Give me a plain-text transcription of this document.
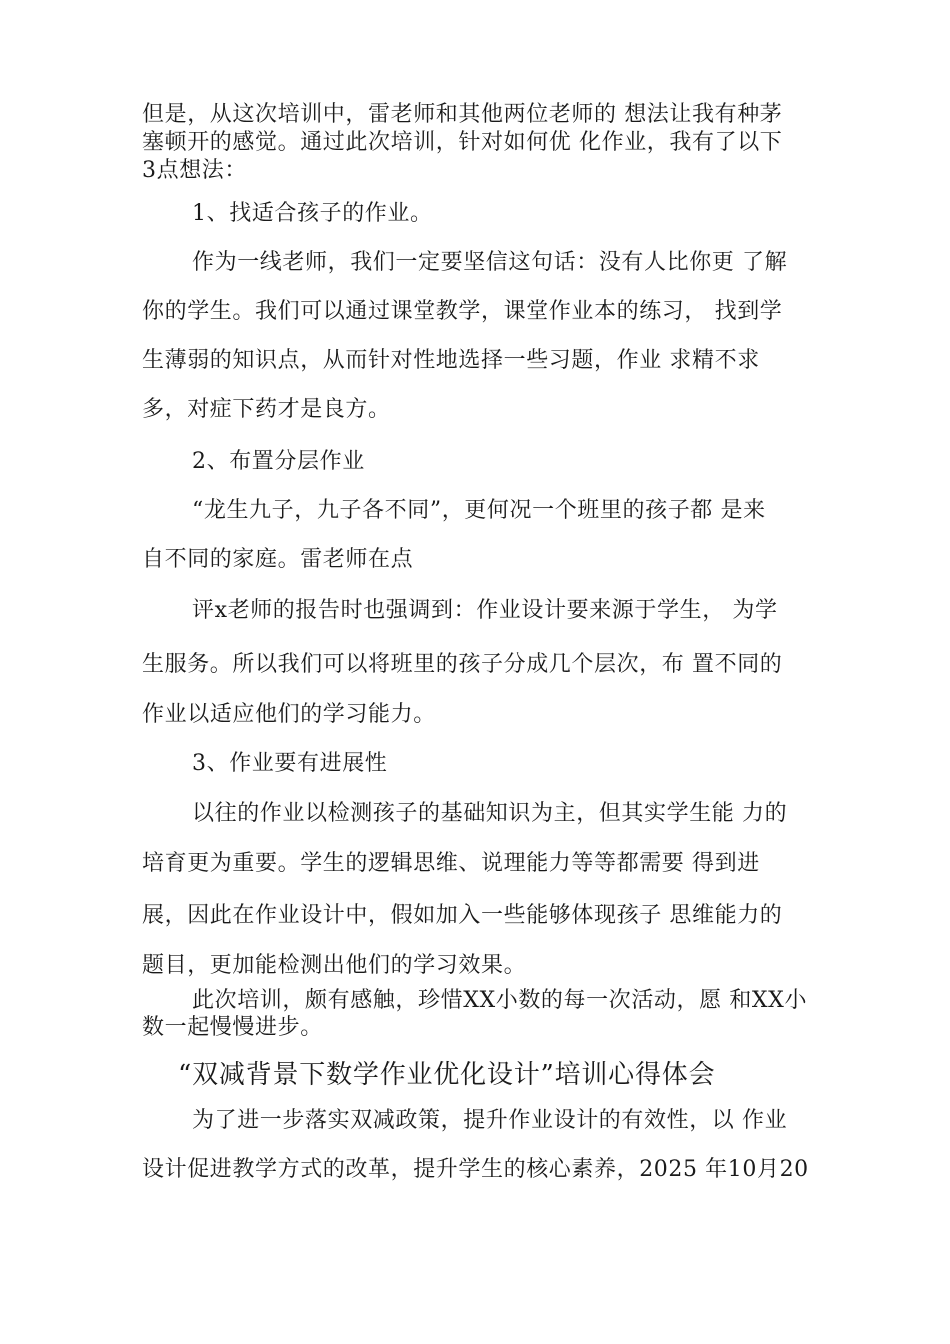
但是，从这次培训中，雷老师和其他两位老师的 想法让我有种茅
塞顿开的感觉。通过此次培训，针对如何优 化作业，我有了以下
3点想法：
1、找适合孩子的作业。
作为一线老师，我们一定要坚信这句话：没有人比你更 了解
你的学生。我们可以通过课堂教学，课堂作业本的练习， 找到学
生薄弱的知识点，从而针对性地选择一些习题，作业 求精不求
多，对症下药才是良方。
2、布置分层作业
“龙生九子，九子各不同”，更何况一个班里的孩子都 是来
自不同的家庭。雷老师在点
评x老师的报告时也强调到：作业设计要来源于学生， 为学
生服务。所以我们可以将班里的孩子分成几个层次，布 置不同的
作业以适应他们的学习能力。
3、作业要有进展性
以往的作业以检测孩子的基础知识为主，但其实学生能 力的
培育更为重要。学生的逻辑思维、说理能力等等都需要 得到进
展，因此在作业设计中，假如加入一些能够体现孩子 思维能力的
题目，更加能检测出他们的学习效果。
此次培训，颇有感触，珍惜XX小数的每一次活动，愿 和XX小
数一起慢慢进步。
“双减背景下数学作业优化设计”培训心得体会
为了进一步落实双减政策，提升作业设计的有效性，以 作业
设计促进教学方式的改革，提升学生的核心素养，2025 年10月20
